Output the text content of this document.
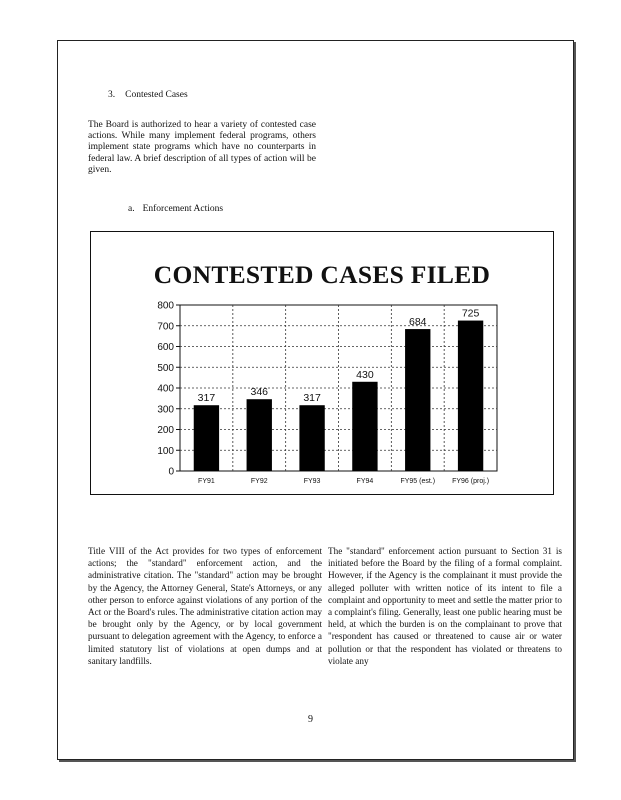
3. Contested Cases
The Board is authorized to hear a variety of contested case actions. While many implement federal programs, others implement state programs which have no counterparts in federal law. A brief description of all types of action will be given.
a. Enforcement Actions
CONTESTED CASES FILED
0
100
200
300
400
500
600
700
800
317
FY91
346
FY92
317
FY93
430
FY94
684
FY95 (est.)
725
FY96 (proj.)
Title VIII of the Act provides for two types of enforcement actions; the "standard" enforcement action, and the administrative citation. The "standard" action may be brought by the Agency, the Attorney General, State's Attorneys, or any other person to enforce against violations of any portion of the Act or the Board's rules. The administrative citation action may be brought only by the Agency, or by local government pursuant to delegation agreement with the Agency, to enforce a limited statutory list of violations at open dumps and at sanitary landfills.
The "standard" enforcement action pursuant to Section 31 is initiated before the Board by the filing of a formal complaint. However, if the Agency is the complainant it must provide the alleged polluter with written notice of its intent to file a complaint and opportunity to meet and settle the matter prior to a complaint's filing. Generally, least one public hearing must be held, at which the burden is on the complainant to prove that "respondent has caused or threatened to cause air or water pollution or that the respondent has violated or threatens to violate any
9
